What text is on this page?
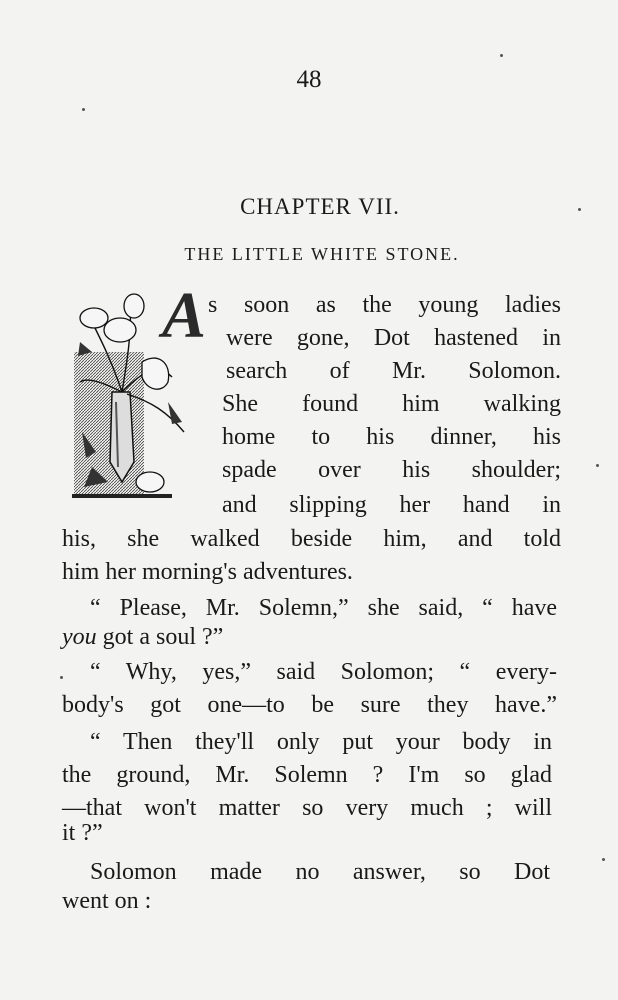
48
CHAPTER VII.
THE LITTLE WHITE STONE.
A s soon as the young ladies
were gone, Dot hastened in
search of Mr. Solomon.
She found him walking
home to his dinner, his
spade over his shoulder;
and slipping her hand in
his, she walked beside him, and told
him her morning's adventures.
“ Please, Mr. Solemn,” she said, “ have
you got a soul ?”
“ Why, yes,” said Solomon; “ every-
body's got one—to be sure they have.”
“ Then they'll only put your body in
the ground, Mr. Solemn ? I'm so glad
—that won't matter so very much ; will
it ?”
Solomon made no answer, so Dot
went on :
